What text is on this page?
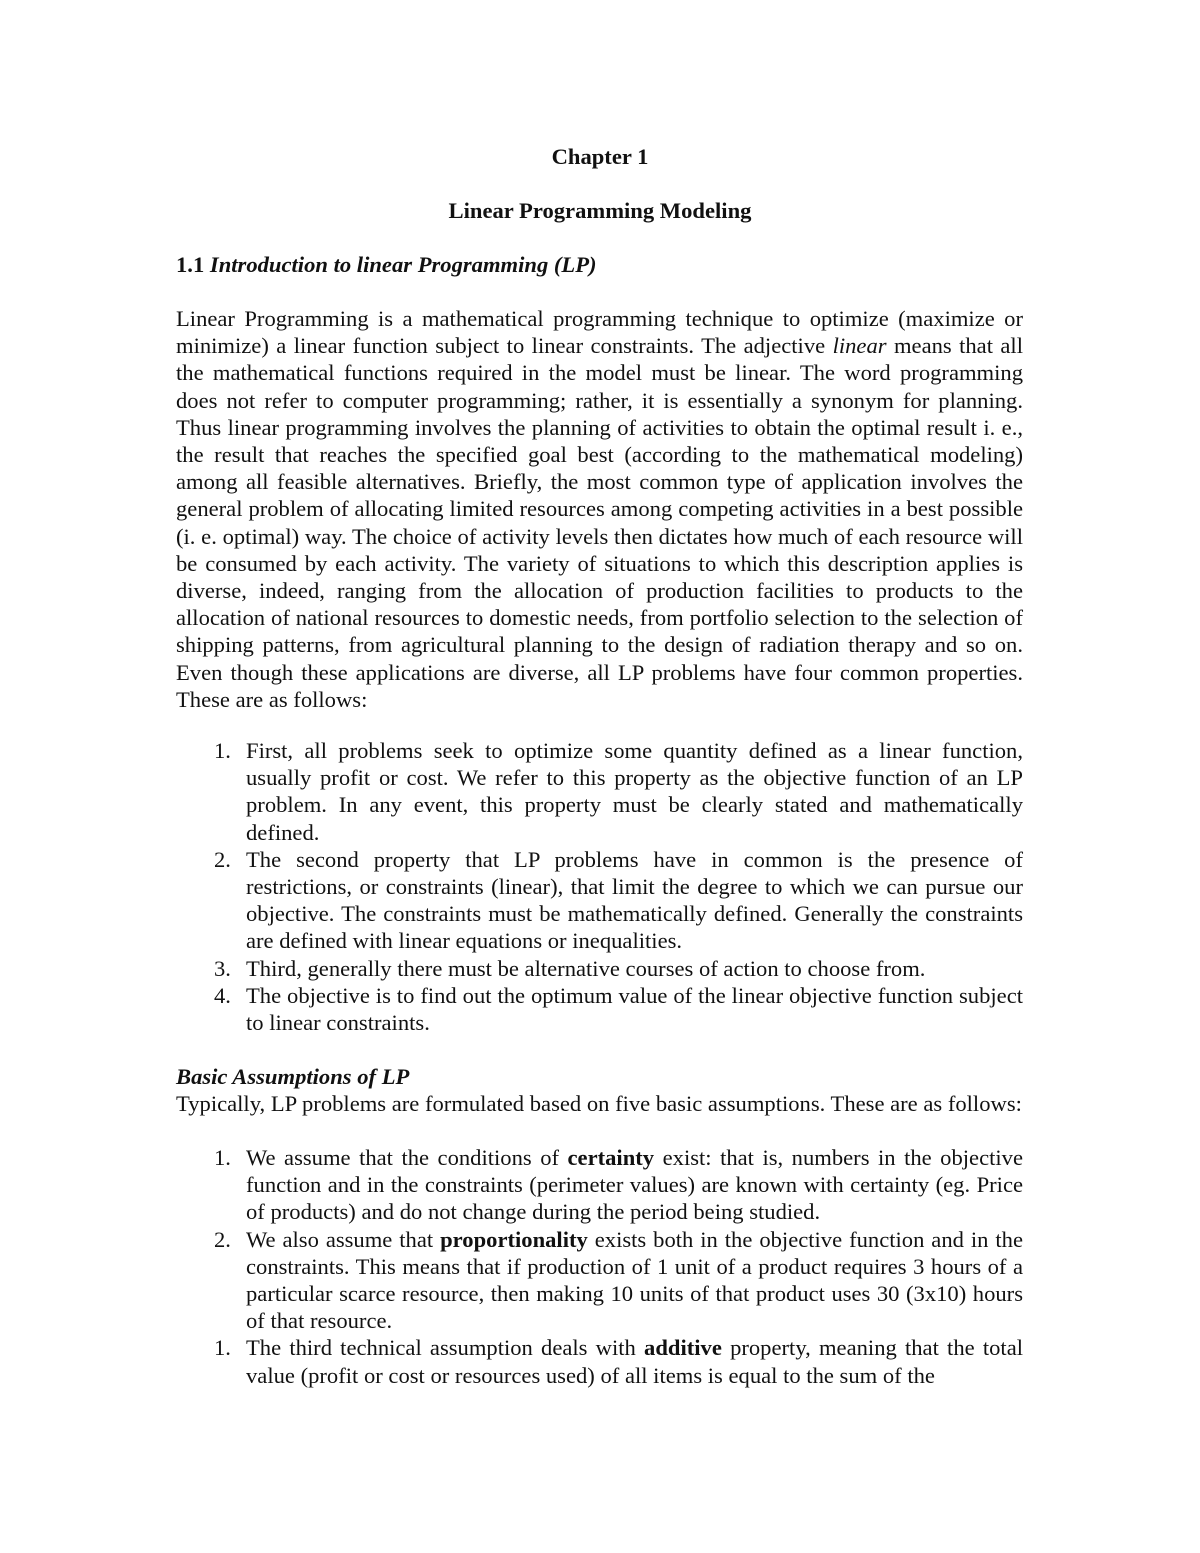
Chapter 1
Linear Programming Modeling
1.1 Introduction to linear Programming (LP)

Linear Programming is a mathematical programming technique to optimize (maximize or minimize) a linear function subject to linear constraints. The adjective linear means that all the mathematical functions required in the model must be linear. The word programming does not refer to computer programming; rather, it is essentially a synonym for planning. Thus linear programming involves the planning of activities to obtain the optimal result i. e., the result that reaches the specified goal best (according to the mathematical modeling) among all feasible alternatives. Briefly, the most common type of application involves the general problem of allocating limited resources among competing activities in a best possible (i. e. optimal) way. The choice of activity levels then dictates how much of each resource will be consumed by each activity. The variety of situations to which this description applies is diverse, indeed, ranging from the allocation of production facilities to products to the allocation of national resources to domestic needs, from portfolio selection to the selection of shipping patterns, from agricultural planning to the design of radiation therapy and so on. Even though these applications are diverse, all LP problems have four common properties. These are as follows:

1. First, all problems seek to optimize some quantity defined as a linear function, usually profit or cost. We refer to this property as the objective function of an LP problem. In any event, this property must be clearly stated and mathematically defined.
2. The second property that LP problems have in common is the presence of restrictions, or constraints (linear), that limit the degree to which we can pursue our objective. The constraints must be mathematically defined. Generally the constraints are defined with linear equations or inequalities.
3. Third, generally there must be alternative courses of action to choose from.
4. The objective is to find out the optimum value of the linear objective function subject to linear constraints.
Basic Assumptions of LP

Typically, LP problems are formulated based on five basic assumptions. These are as follows:

1. We assume that the conditions of certainty exist: that is, numbers in the objective function and in the constraints (perimeter values) are known with certainty (eg. Price of products) and do not change during the period being studied.
2. We also assume that proportionality exists both in the objective function and in the constraints. This means that if production of 1 unit of a product requires 3 hours of a particular scarce resource, then making 10 units of that product uses 30 (3x10) hours of that resource.
1. The third technical assumption deals with additive property, meaning that the total value (profit or cost or resources used) of all items is equal to the sum of the
